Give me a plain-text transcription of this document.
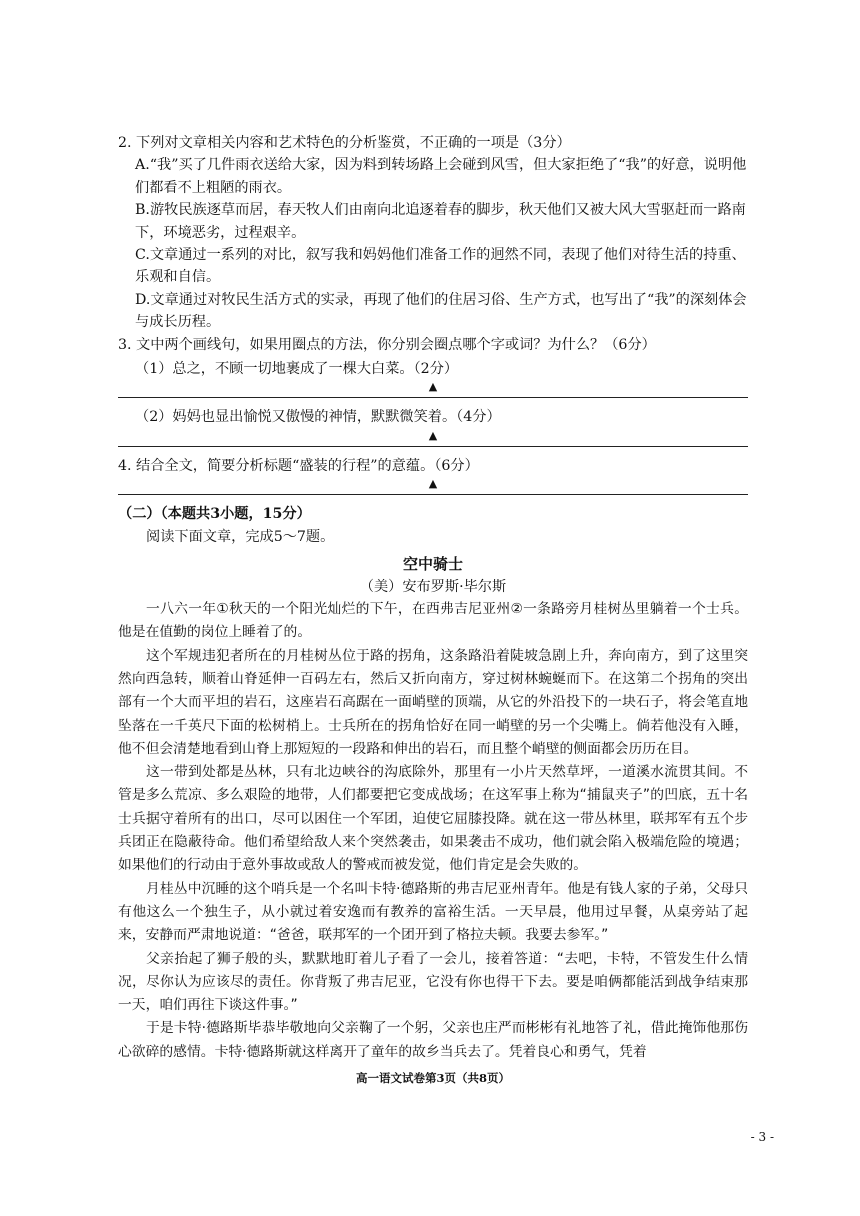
2. 下列对文章相关内容和艺术特色的分析鉴赏，不正确的一项是（3分）

A.“我”买了几件雨衣送给大家，因为料到转场路上会碰到风雪，但大家拒绝了“我”的好意，说明他们都看不上粗陋的雨衣。
B.游牧民族逐草而居，春天牧人们由南向北追逐着春的脚步，秋天他们又被大风大雪驱赶而一路南下，环境恶劣，过程艰辛。
C.文章通过一系列的对比，叙写我和妈妈他们准备工作的迥然不同，表现了他们对待生活的持重、乐观和自信。
D.文章通过对牧民生活方式的实录，再现了他们的住居习俗、生产方式，也写出了“我”的深刻体会与成长历程。

3. 文中两个画线句，如果用圈点的方法，你分别会圈点哪个字或词？为什么？（6分）

（1）总之，不顾一切地裹成了一棵大白菜。（2分）
▲
（2）妈妈也显出愉悦又傲慢的神情，默默微笑着。（4分）
▲

4. 结合全文，简要分析标题“盛装的行程”的意蕴。（6分）

▲
（二）（本题共3小题，15分）
阅读下面文章，完成5～7题。
空中骑士
（美）安布罗斯·毕尔斯

一八六一年①秋天的一个阳光灿烂的下午，在西弗吉尼亚州②一条路旁月桂树丛里躺着一个士兵。他是在值勤的岗位上睡着了的。

这个军规违犯者所在的月桂树丛位于路的拐角，这条路沿着陡坡急剧上升，奔向南方，到了这里突然向西急转，顺着山脊延伸一百码左右，然后又折向南方，穿过树林蜿蜒而下。在这第二个拐角的突出部有一个大而平坦的岩石，这座岩石高踞在一面峭壁的顶端，从它的外沿投下的一块石子，将会笔直地坠落在一千英尺下面的松树梢上。士兵所在的拐角恰好在同一峭壁的另一个尖嘴上。倘若他没有入睡，他不但会清楚地看到山脊上那短短的一段路和伸出的岩石，而且整个峭壁的侧面都会历历在目。

这一带到处都是丛林，只有北边峡谷的沟底除外，那里有一小片天然草坪，一道溪水流贯其间。不管是多么荒凉、多么艰险的地带，人们都要把它变成战场；在这军事上称为“捕鼠夹子”的凹底，五十名士兵据守着所有的出口，尽可以困住一个军团，迫使它屈膝投降。就在这一带丛林里，联邦军有五个步兵团正在隐蔽待命。他们希望给敌人来个突然袭击，如果袭击不成功，他们就会陷入极端危险的境遇；如果他们的行动由于意外事故或敌人的警戒而被发觉，他们肯定是会失败的。

月桂丛中沉睡的这个哨兵是一个名叫卡特·德路斯的弗吉尼亚州青年。他是有钱人家的子弟，父母只有他这么一个独生子，从小就过着安逸而有教养的富裕生活。一天早晨，他用过早餐，从桌旁站了起来，安静而严肃地说道：“爸爸，联邦军的一个团开到了格拉夫顿。我要去参军。”

父亲抬起了狮子般的头，默默地盯着儿子看了一会儿，接着答道：“去吧，卡特，不管发生什么情况，尽你认为应该尽的责任。你背叛了弗吉尼亚，它没有你也得干下去。要是咱俩都能活到战争结束那一天，咱们再往下谈这件事。”

于是卡特·德路斯毕恭毕敬地向父亲鞠了一个躬，父亲也庄严而彬彬有礼地答了礼，借此掩饰他那伤心欲碎的感情。卡特·德路斯就这样离开了童年的故乡当兵去了。凭着良心和勇气，凭着

高一语文试卷第3页（共8页）
- 3 -
